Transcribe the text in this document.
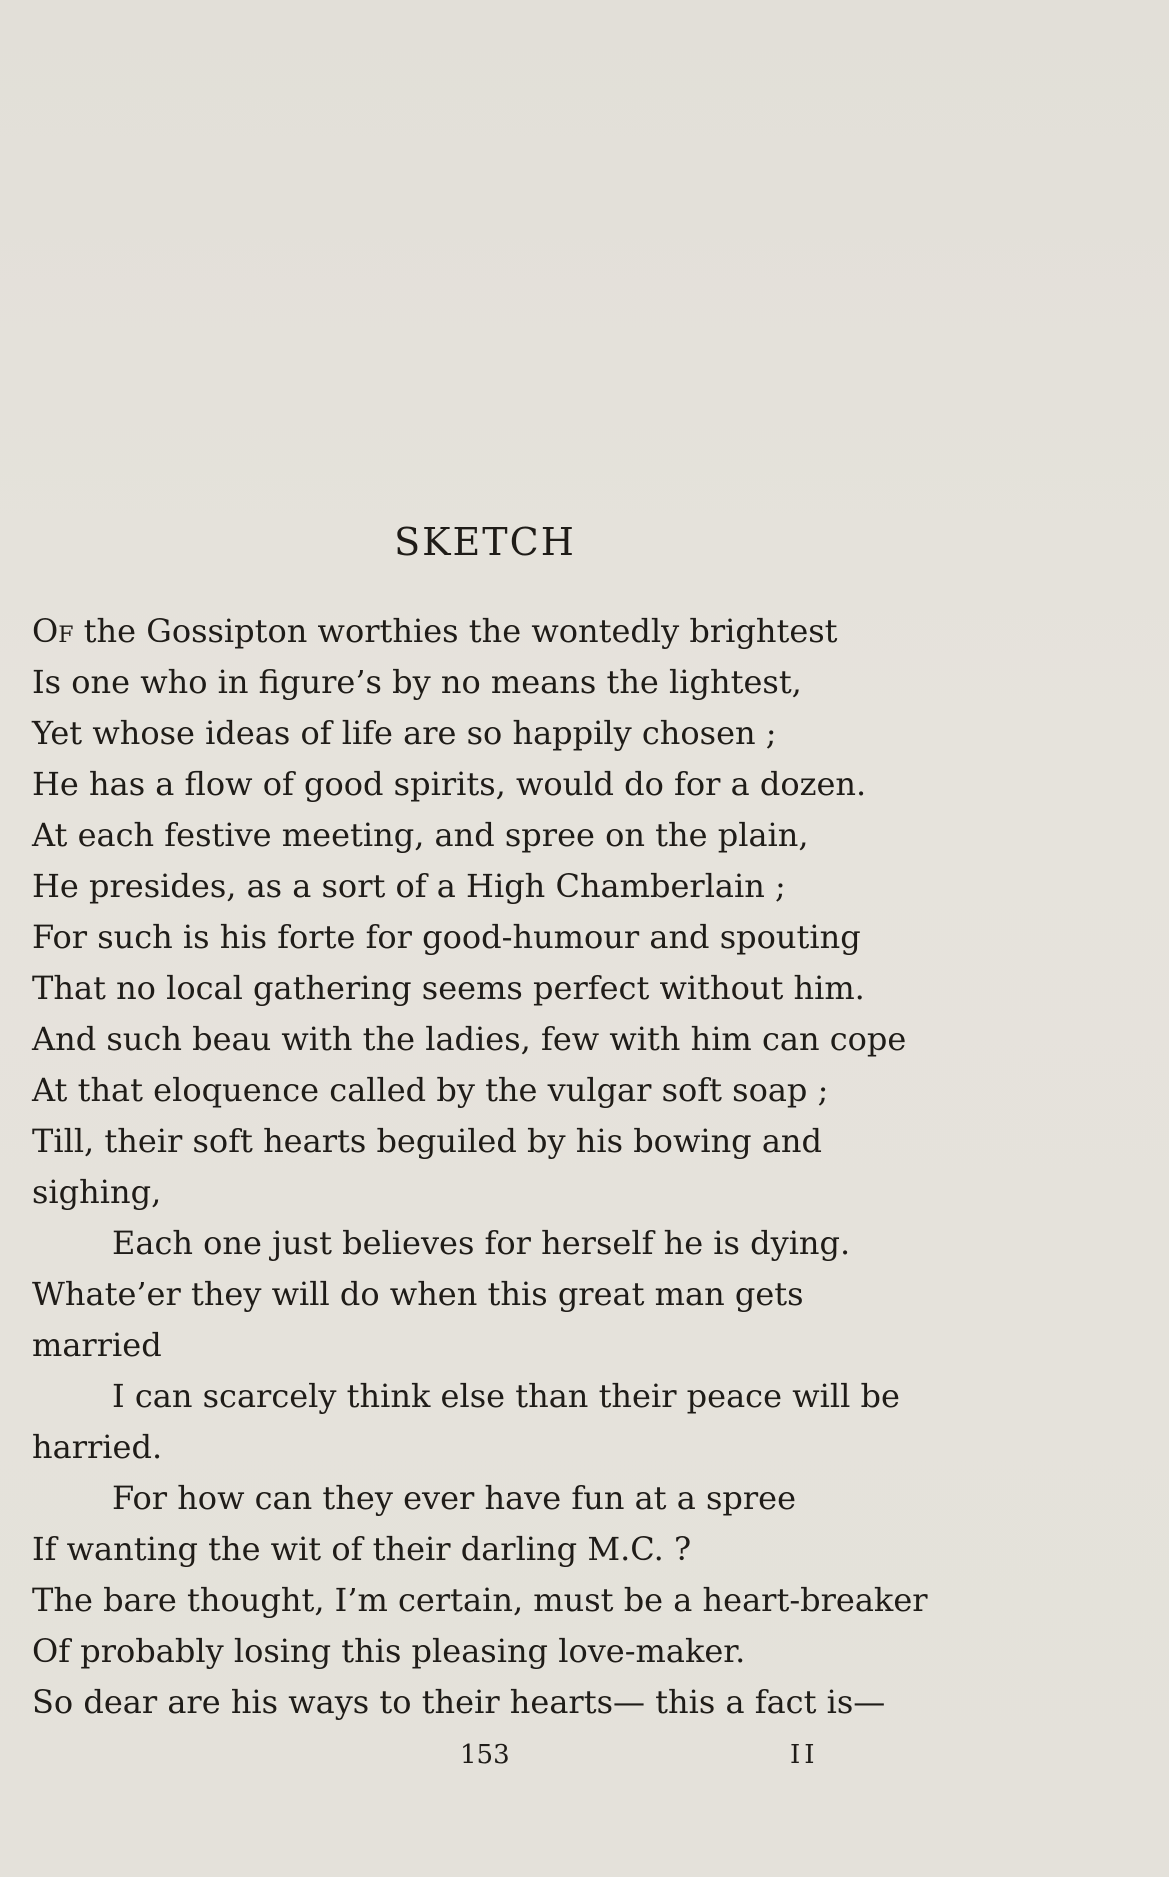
SKETCH
Of the Gossipton worthies the wontedly brightest
Is one who in figure’s by no means the lightest,
Yet whose ideas of life are so happily chosen ;
He has a flow of good spirits, would do for a dozen.
At each festive meeting, and spree on the plain,
He presides, as a sort of a High Chamberlain ;
For such is his forte for good-humour and spouting
That no local gathering seems perfect without him.
And such beau with the ladies, few with him can cope
At that eloquence called by the vulgar soft soap ;
Till, their soft hearts beguiled by his bowing and
sighing,
Each one just believes for herself he is dying.
Whate’er they will do when this great man gets
married
I can scarcely think else than their peace will be
harried.
For how can they ever have fun at a spree
If wanting the wit of their darling M.C. ?
The bare thought, I’m certain, must be a heart-breaker
Of probably losing this pleasing love-maker.
So dear are his ways to their hearts— this a fact is—
153	II
